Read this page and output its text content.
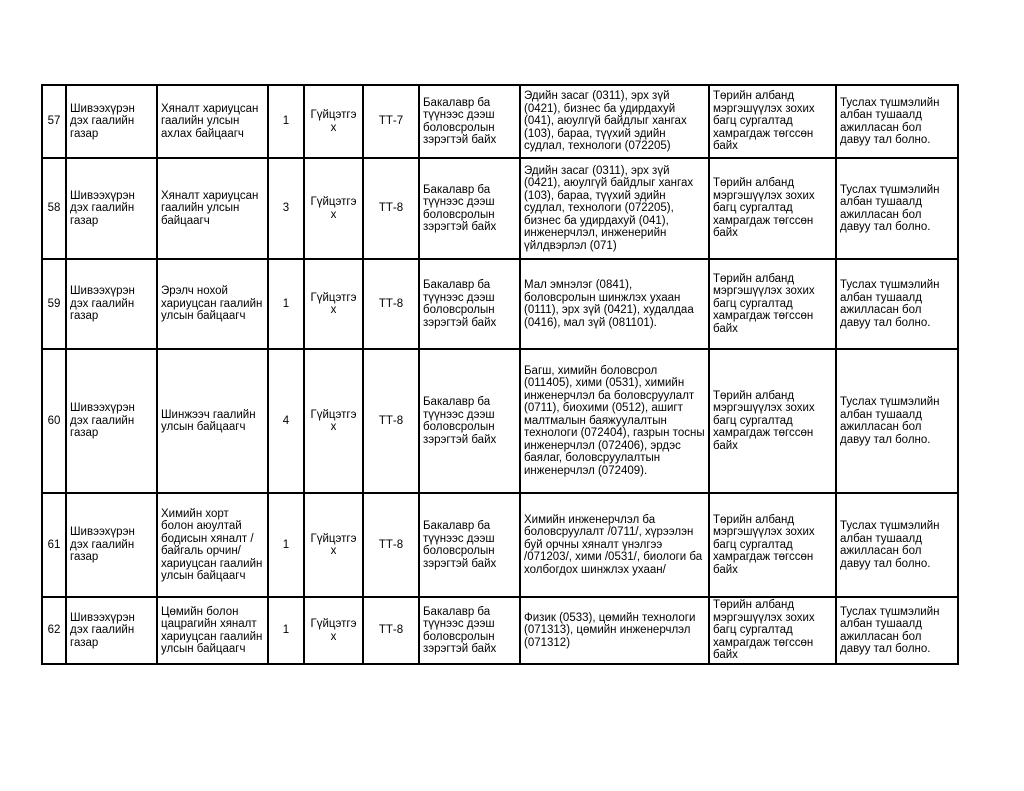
57	Шивээхүрэн дэх гаалийн газар	Хяналт хариуцсан гаалийн улсын ахлах байцаагч	1	Гүйцэтгэх	ТТ-7	Бакалавр ба түүнээс дээш боловсролын зэрэгтэй байх	Эдийн засаг (0311), эрх зүй (0421), бизнес ба удирдахуй (041), аюулгүй байдлыг хангах (103), бараа, түүхий эдийн судлал, технологи (072205)	Төрийн албанд мэргэшүүлэх зохих багц сургалтад хамрагдаж төгссөн байх	Туслах түшмэлийн албан тушаалд ажилласан бол давуу тал болно.
58	Шивээхүрэн дэх гаалийн газар	Хяналт хариуцсан гаалийн улсын байцаагч	3	Гүйцэтгэх	ТТ-8	Бакалавр ба түүнээс дээш боловсролын зэрэгтэй байх	Эдийн засаг (0311), эрх зүй (0421), аюулгүй байдлыг хангах (103), бараа, түүхий эдийн судлал, технологи (072205), бизнес ба удирдахуй (041), инженерчлэл, инженерийн үйлдвэрлэл (071)	Төрийн албанд мэргэшүүлэх зохих багц сургалтад хамрагдаж төгссөн байх	Туслах түшмэлийн албан тушаалд ажилласан бол давуу тал болно.
59	Шивээхүрэн дэх гаалийн газар	Эрэлч нохой хариуцсан гаалийн улсын байцаагч	1	Гүйцэтгэх	ТТ-8	Бакалавр ба түүнээс дээш боловсролын зэрэгтэй байх	Мал эмнэлэг (0841), боловсролын шинжлэх ухаан (0111), эрх зүй (0421), худалдаа (0416), мал зүй (081101).	Төрийн албанд мэргэшүүлэх зохих багц сургалтад хамрагдаж төгссөн байх	Туслах түшмэлийн албан тушаалд ажилласан бол давуу тал болно.
60	Шивээхүрэн дэх гаалийн газар	Шинжээч гаалийн улсын байцаагч	4	Гүйцэтгэх	ТТ-8	Бакалавр ба түүнээс дээш боловсролын зэрэгтэй байх	Багш, химийн боловсрол (011405), хими (0531), химийн инженерчлэл ба боловсруулалт (0711), биохими (0512), ашигт малтмалын баяжуулалтын технологи (072404), газрын тосны инженерчлэл (072406), эрдэс баялаг, боловсруулалтын инженерчлэл (072409).	Төрийн албанд мэргэшүүлэх зохих багц сургалтад хамрагдаж төгссөн байх	Туслах түшмэлийн албан тушаалд ажилласан бол давуу тал болно.
61	Шивээхүрэн дэх гаалийн газар	Химийн хорт болон аюултай бодисын хяналт /байгаль орчин/ хариуцсан гаалийн улсын байцаагч	1	Гүйцэтгэх	ТТ-8	Бакалавр ба түүнээс дээш боловсролын зэрэгтэй байх	Химийн инженерчлэл ба боловсруулалт /0711/, хүрээлэн буй орчны хяналт үнэлгээ /071203/, хими /0531/, биологи ба холбогдох шинжлэх ухаан/	Төрийн албанд мэргэшүүлэх зохих багц сургалтад хамрагдаж төгссөн байх	Туслах түшмэлийн албан тушаалд ажилласан бол давуу тал болно.
62	Шивээхүрэн дэх гаалийн газар	Цөмийн болон цацрагийн хяналт хариуцсан гаалийн улсын байцаагч	1	Гүйцэтгэх	ТТ-8	Бакалавр ба түүнээс дээш боловсролын зэрэгтэй байх	Физик (0533), цөмийн технологи (071313), цөмийн инженерчлэл (071312)	Төрийн албанд мэргэшүүлэх зохих багц сургалтад хамрагдаж төгссөн байх	Туслах түшмэлийн албан тушаалд ажилласан бол давуу тал болно.
